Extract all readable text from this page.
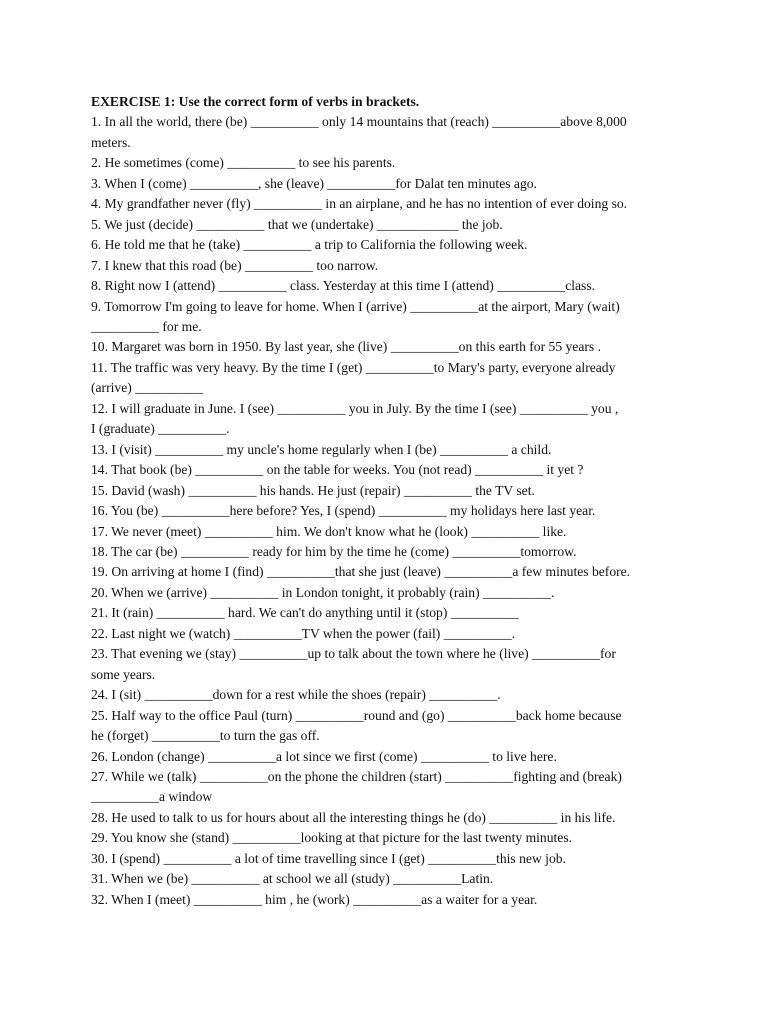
EXERCISE 1: Use the correct form of verbs in brackets.

1. In all the world, there (be) __________ only 14 mountains that (reach) __________above 8,000

meters.

2. He sometimes (come) __________ to see his parents.

3. When I (come) __________, she (leave) __________for Dalat ten minutes ago.

4. My grandfather never (fly) __________ in an airplane, and he has no intention of ever doing so.

5. We just (decide) __________ that we (undertake) ____________ the job.

6. He told me that he (take) __________ a trip to California the following week.

7. I knew that this road (be) __________ too narrow.

8. Right now I (attend) __________ class. Yesterday at this time I (attend) __________class.

9. Tomorrow I'm going to leave for home. When I (arrive) __________at the airport, Mary (wait)

__________ for me.

10. Margaret was born in 1950. By last year, she (live) __________on this earth for 55 years .

11. The traffic was very heavy. By the time I (get) __________to Mary's party, everyone already

(arrive) __________

12. I will graduate in June. I (see) __________ you in July. By the time I (see) __________ you ,

I (graduate) __________.

13. I (visit) __________ my uncle's home regularly when I (be) __________ a child.

14. That book (be) __________ on the table for weeks. You (not read) __________ it yet ?

15. David (wash) __________ his hands. He just (repair) __________ the TV set.

16. You (be) __________here before? Yes, I (spend) __________ my holidays here last year.

17. We never (meet) __________ him. We don't know what he (look) __________ like.

18. The car (be) __________ ready for him by the time he (come) __________tomorrow.

19. On arriving at home I (find) __________that she just (leave) __________a few minutes before.

20. When we (arrive) __________ in London tonight, it probably (rain) __________.

21. It (rain) __________ hard. We can't do anything until it (stop) __________

22. Last night we (watch) __________TV when the power (fail) __________.

23. That evening we (stay) __________up to talk about the town where he (live) __________for

some years.

24. I (sit) __________down for a rest while the shoes (repair) __________.

25. Half way to the office Paul (turn) __________round and (go) __________back home because

he (forget) __________to turn the gas off.

26. London (change) __________a lot since we first (come) __________ to live here.

27. While we (talk) __________on the phone the children (start) __________fighting and (break)

__________a window

28. He used to talk to us for hours about all the interesting things he (do) __________ in his life.

29. You know she (stand) __________looking at that picture for the last twenty minutes.

30. I (spend) __________ a lot of time travelling since I (get) __________this new job.

31. When we (be) __________ at school we all (study) __________Latin.

32. When I (meet) __________ him , he (work) __________as a waiter for a year.
